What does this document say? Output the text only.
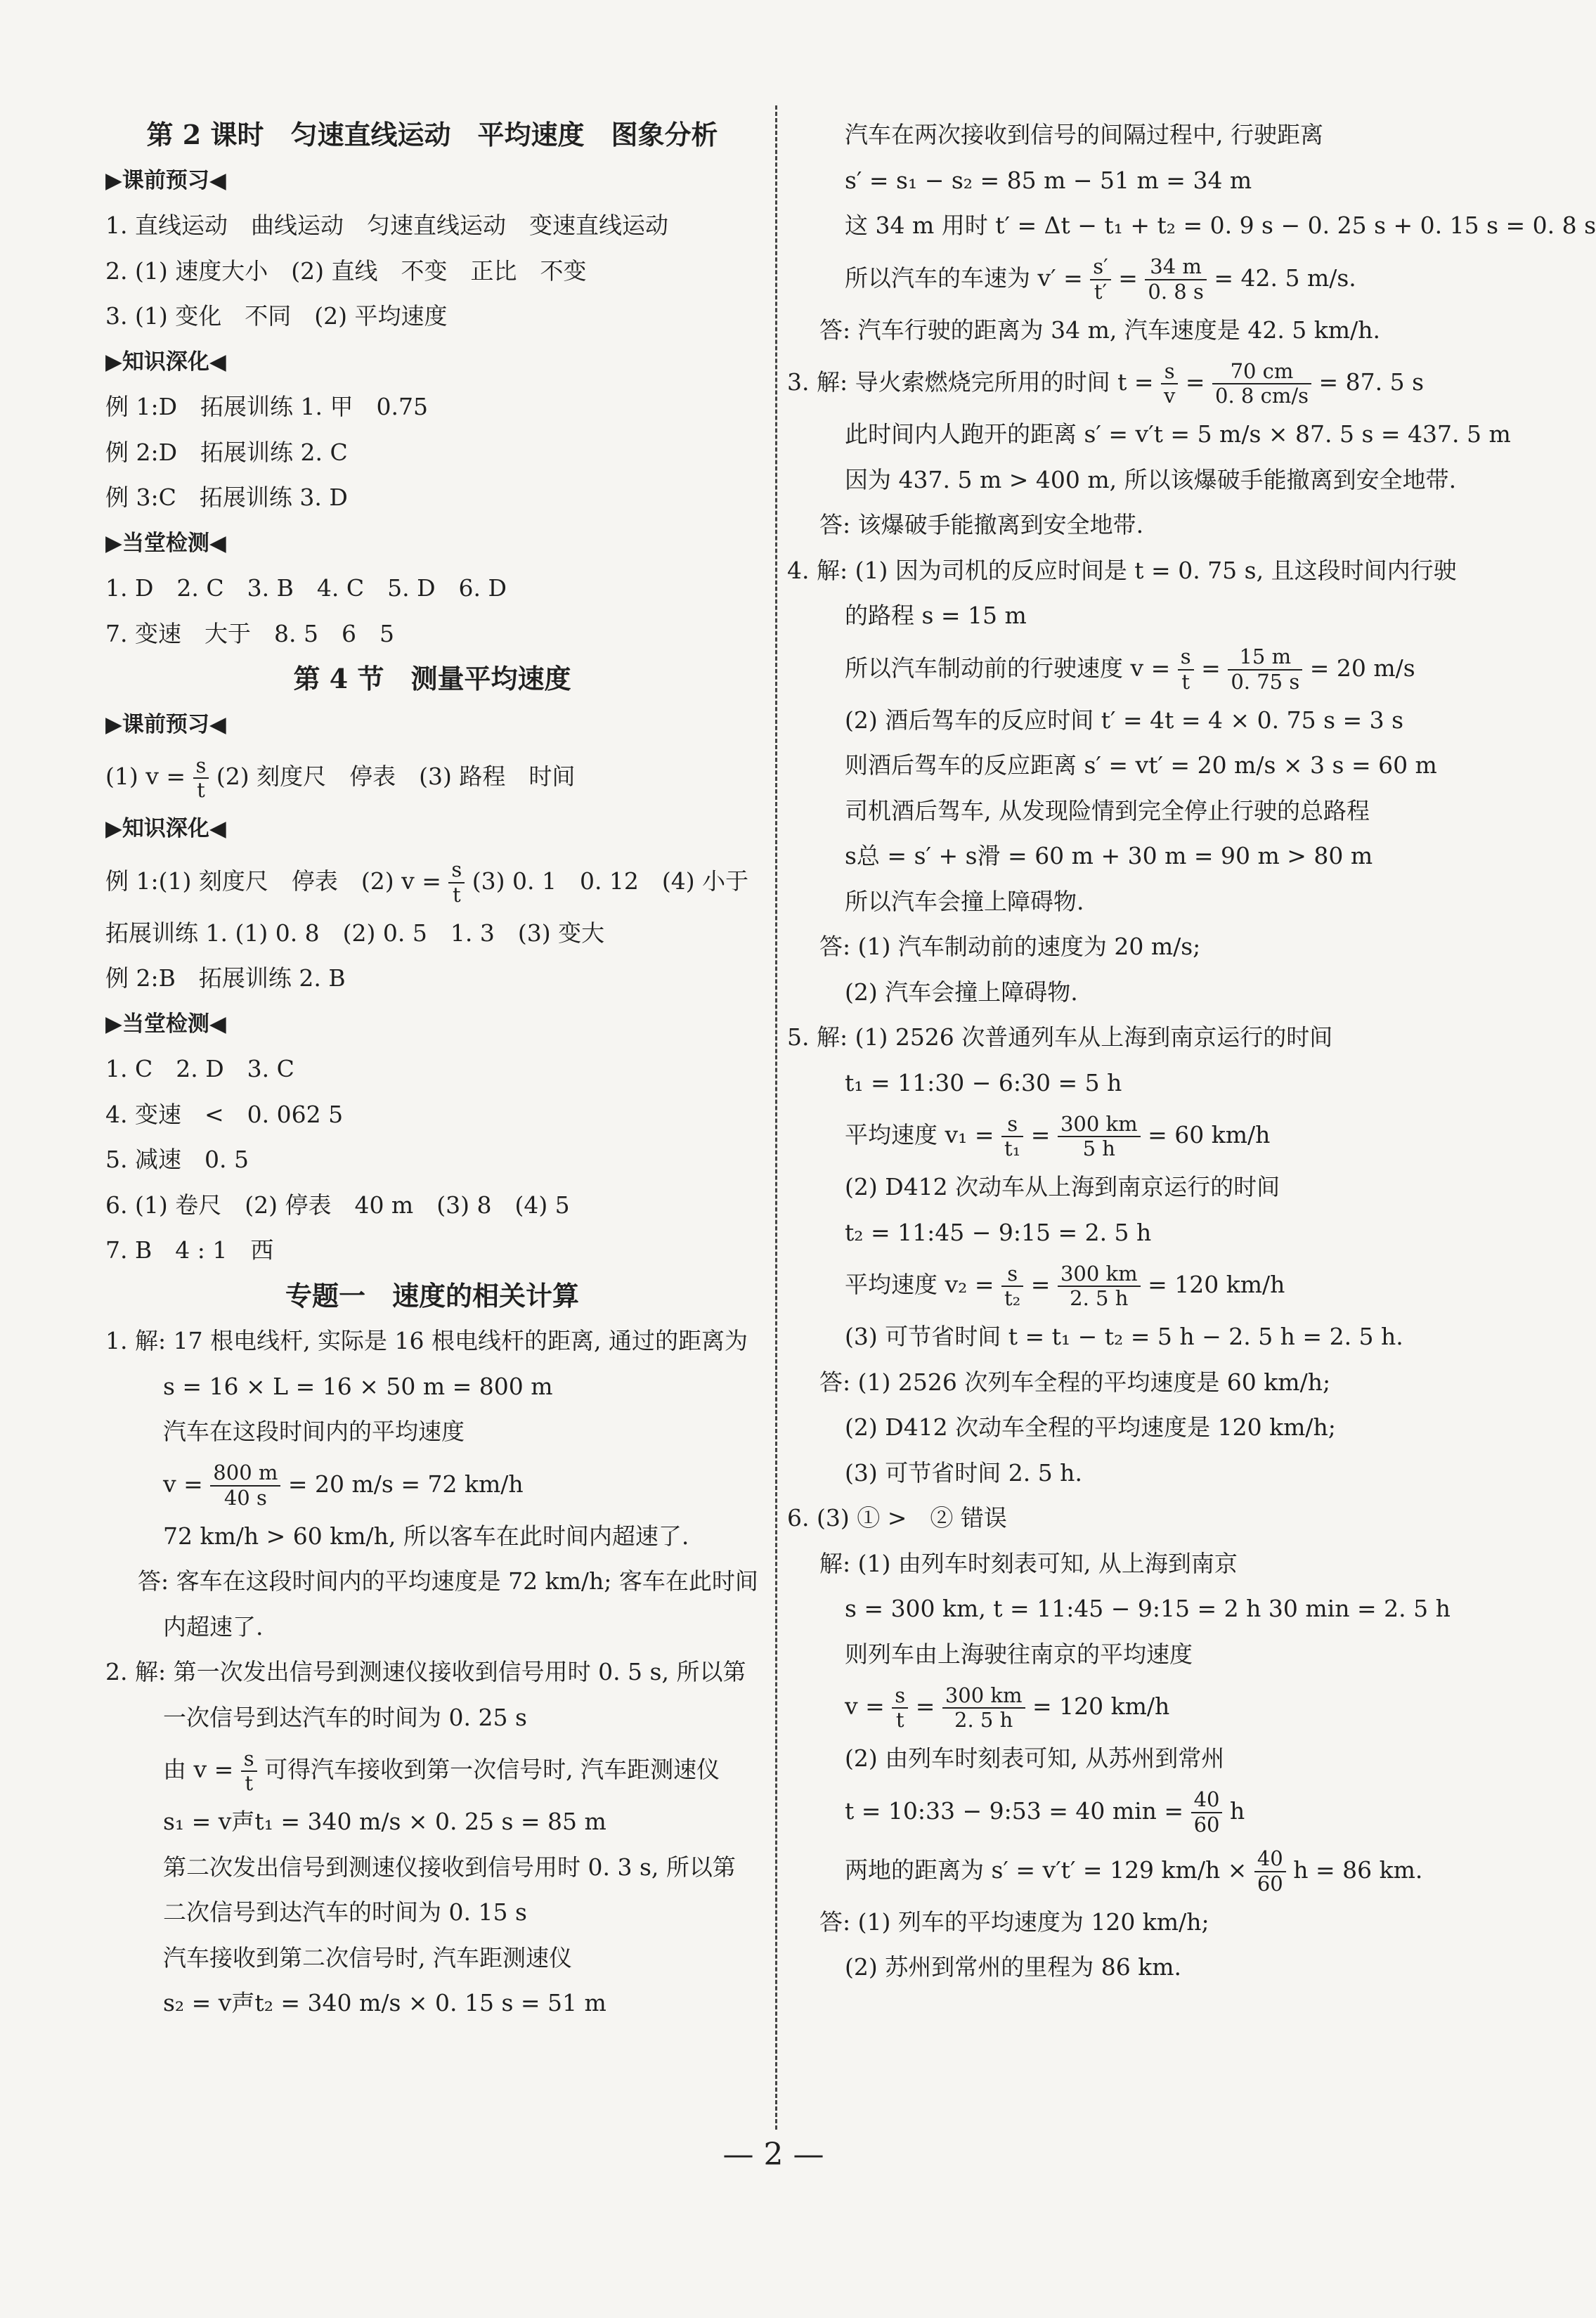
第 2 课时　匀速直线运动　平均速度　图象分析
▶课前预习◀
1. 直线运动　曲线运动　匀速直线运动　变速直线运动
2. (1) 速度大小　(2) 直线　不变　正比　不变
3. (1) 变化　不同　(2) 平均速度
▶知识深化◀
例 1:D　拓展训练 1. 甲　0.75
例 2:D　拓展训练 2. C
例 3:C　拓展训练 3. D
▶当堂检测◀
1. D　2. C　3. B　4. C　5. D　6. D
7. 变速　大于　8. 5　6　5
第 4 节　测量平均速度
▶课前预习◀
(1) $v = \frac{s}{t} (2)$ 刻度尺　停表　(3) 路程　时间
▶知识深化◀
例 1:(1) 刻度尺　停表　(2) $v = \frac{s}{t} (3)$ 0. 1　0. 12　(4) 小于
拓展训练 1. (1) 0. 8　(2) 0. 5　1. 3　(3) 变大
例 2:B　拓展训练 2. B
▶当堂检测◀
1. C　2. D　3. C
4. 变速　<　0. 062 5
5. 减速　0. 5
6. (1) 卷尺　(2) 停表　40 m　(3) 8　(4) 5
7. B　4 : 1　西
专题一　速度的相关计算
1. 解: 17 根电线杆, 实际是 16 根电线杆的距离, 通过的距离为
s = 16 × L = 16 × 50 m = 800 m
汽车在这段时间内的平均速度
$v = \frac{800 m}{40 s} = 20$ m/s = 72 km/h
72 km/h > 60 km/h, 所以客车在此时间内超速了.
答: 客车在这段时间内的平均速度是 72 km/h; 客车在此时间
内超速了.
2. 解: 第一次发出信号到测速仪接收到信号用时 0. 5 s, 所以第
一次信号到达汽车的时间为 0. 25 s
由 $v = \frac{s}{t}$ 可得汽车接收到第一次信号时, 汽车距测速仪
s₁ = v声t₁ = 340 m/s × 0. 25 s = 85 m
第二次发出信号到测速仪接收到信号用时 0. 3 s, 所以第
二次信号到达汽车的时间为 0. 15 s
汽车接收到第二次信号时, 汽车距测速仪
s₂ = v声t₂ = 340 m/s × 0. 15 s = 51 m
汽车在两次接收到信号的间隔过程中, 行驶距离
s′ = s₁ − s₂ = 85 m − 51 m = 34 m
这 34 m 用时 t′ = Δt − t₁ + t₂ = 0. 9 s − 0. 25 s + 0. 15 s = 0. 8 s
所以汽车的车速为 $v' = \frac{s'}{t'} = \frac{34 m}{0. 8 s} = 42$. 5 m/s.
答: 汽车行驶的距离为 34 m, 汽车速度是 42. 5 km/h.
3. 解: 导火索燃烧完所用的时间 $t = \frac{s}{v} = \frac{70 cm}{0. 8 cm/s} = 87$. 5 s
此时间内人跑开的距离 s′ = v′t = 5 m/s × 87. 5 s = 437. 5 m
因为 437. 5 m > 400 m, 所以该爆破手能撤离到安全地带.
答: 该爆破手能撤离到安全地带.
4. 解: (1) 因为司机的反应时间是 t = 0. 75 s, 且这段时间内行驶
的路程 s = 15 m
所以汽车制动前的行驶速度 $v = \frac{s}{t} = \frac{15 m}{0. 75 s} = 20$ m/s
(2) 酒后驾车的反应时间 t′ = 4t = 4 × 0. 75 s = 3 s
则酒后驾车的反应距离 s′ = vt′ = 20 m/s × 3 s = 60 m
司机酒后驾车, 从发现险情到完全停止行驶的总路程
s总 = s′ + s滑 = 60 m + 30 m = 90 m > 80 m
所以汽车会撞上障碍物.
答: (1) 汽车制动前的速度为 20 m/s;
(2) 汽车会撞上障碍物.
5. 解: (1) 2526 次普通列车从上海到南京运行的时间
t₁ = 11:30 − 6:30 = 5 h
平均速度 $v_1 = \frac{s}{\text{t₁}} = \frac{300 km}{5 h} = 60$ km/h
(2) D412 次动车从上海到南京运行的时间
t₂ = 11:45 − 9:15 = 2. 5 h
平均速度 $v_2 = \frac{s}{\text{t₂}} = \frac{300 km}{2. 5 h} = 120$ km/h
(3) 可节省时间 t = t₁ − t₂ = 5 h − 2. 5 h = 2. 5 h.
答: (1) 2526 次列车全程的平均速度是 60 km/h;
(2) D412 次动车全程的平均速度是 120 km/h;
(3) 可节省时间 2. 5 h.
6. (3) ① >　② 错误
解: (1) 由列车时刻表可知, 从上海到南京
s = 300 km, t = 11:45 − 9:15 = 2 h 30 min = 2. 5 h
则列车由上海驶往南京的平均速度
$v = \frac{s}{t} = \frac{300 km}{2. 5 h} = 120$ km/h
(2) 由列车时刻表可知, 从苏州到常州
t = 10:33 − 9:53 = 40 $\min = \frac{40}{60}$ h
两地的距离为 s′ = v′t′ = 129 $km/h \times \frac{40}{60}$ h = 86 km.
答: (1) 列车的平均速度为 120 km/h;
(2) 苏州到常州的里程为 86 km.
— 2 —
